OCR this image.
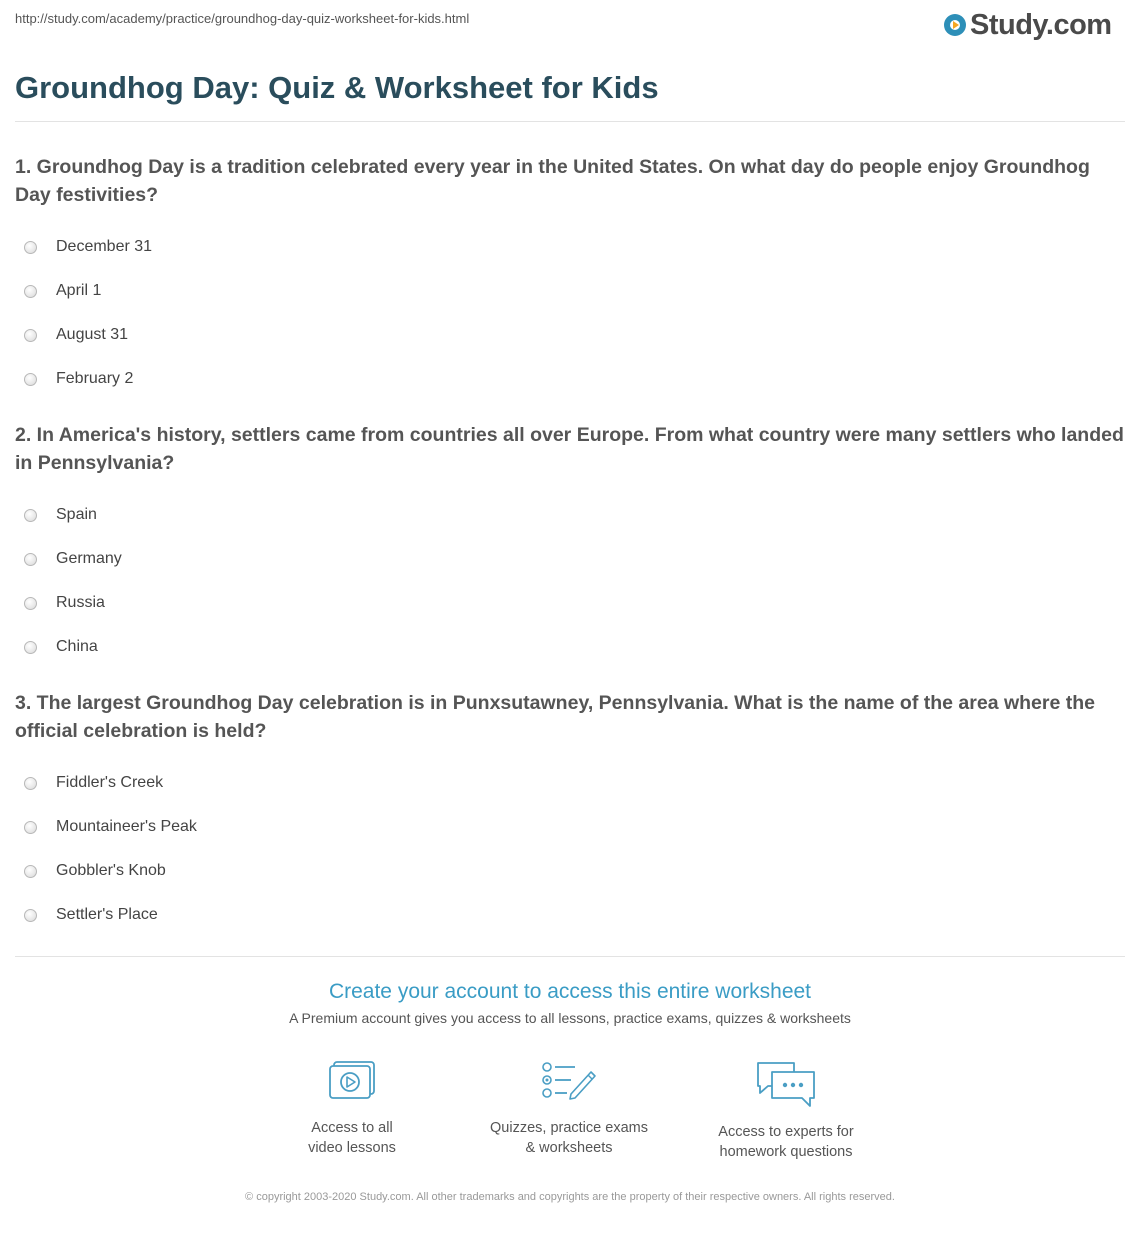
http://study.com/academy/practice/groundhog-day-quiz-worksheet-for-kids.html	Study.com
Groundhog Day: Quiz & Worksheet for Kids

1. Groundhog Day is a tradition celebrated every year in the United States. On what day do people enjoy Groundhog Day festivities?

December 31
April 1
August 31
February 2

2. In America's history, settlers came from countries all over Europe. From what country were many settlers who landed in Pennsylvania?

Spain
Germany
Russia
China

3. The largest Groundhog Day celebration is in Punxsutawney, Pennsylvania. What is the name of the area where the official celebration is held?

Fiddler's Creek
Mountaineer's Peak
Gobbler's Knob
Settler's Place
Create your account to access this entire worksheet

A Premium account gives you access to all lessons, practice exams, quizzes & worksheets

Access to all
video lessons
Quizzes, practice exams
& worksheets
Access to experts for
homework questions
© copyright 2003-2020 Study.com. All other trademarks and copyrights are the property of their respective owners. All rights reserved.
